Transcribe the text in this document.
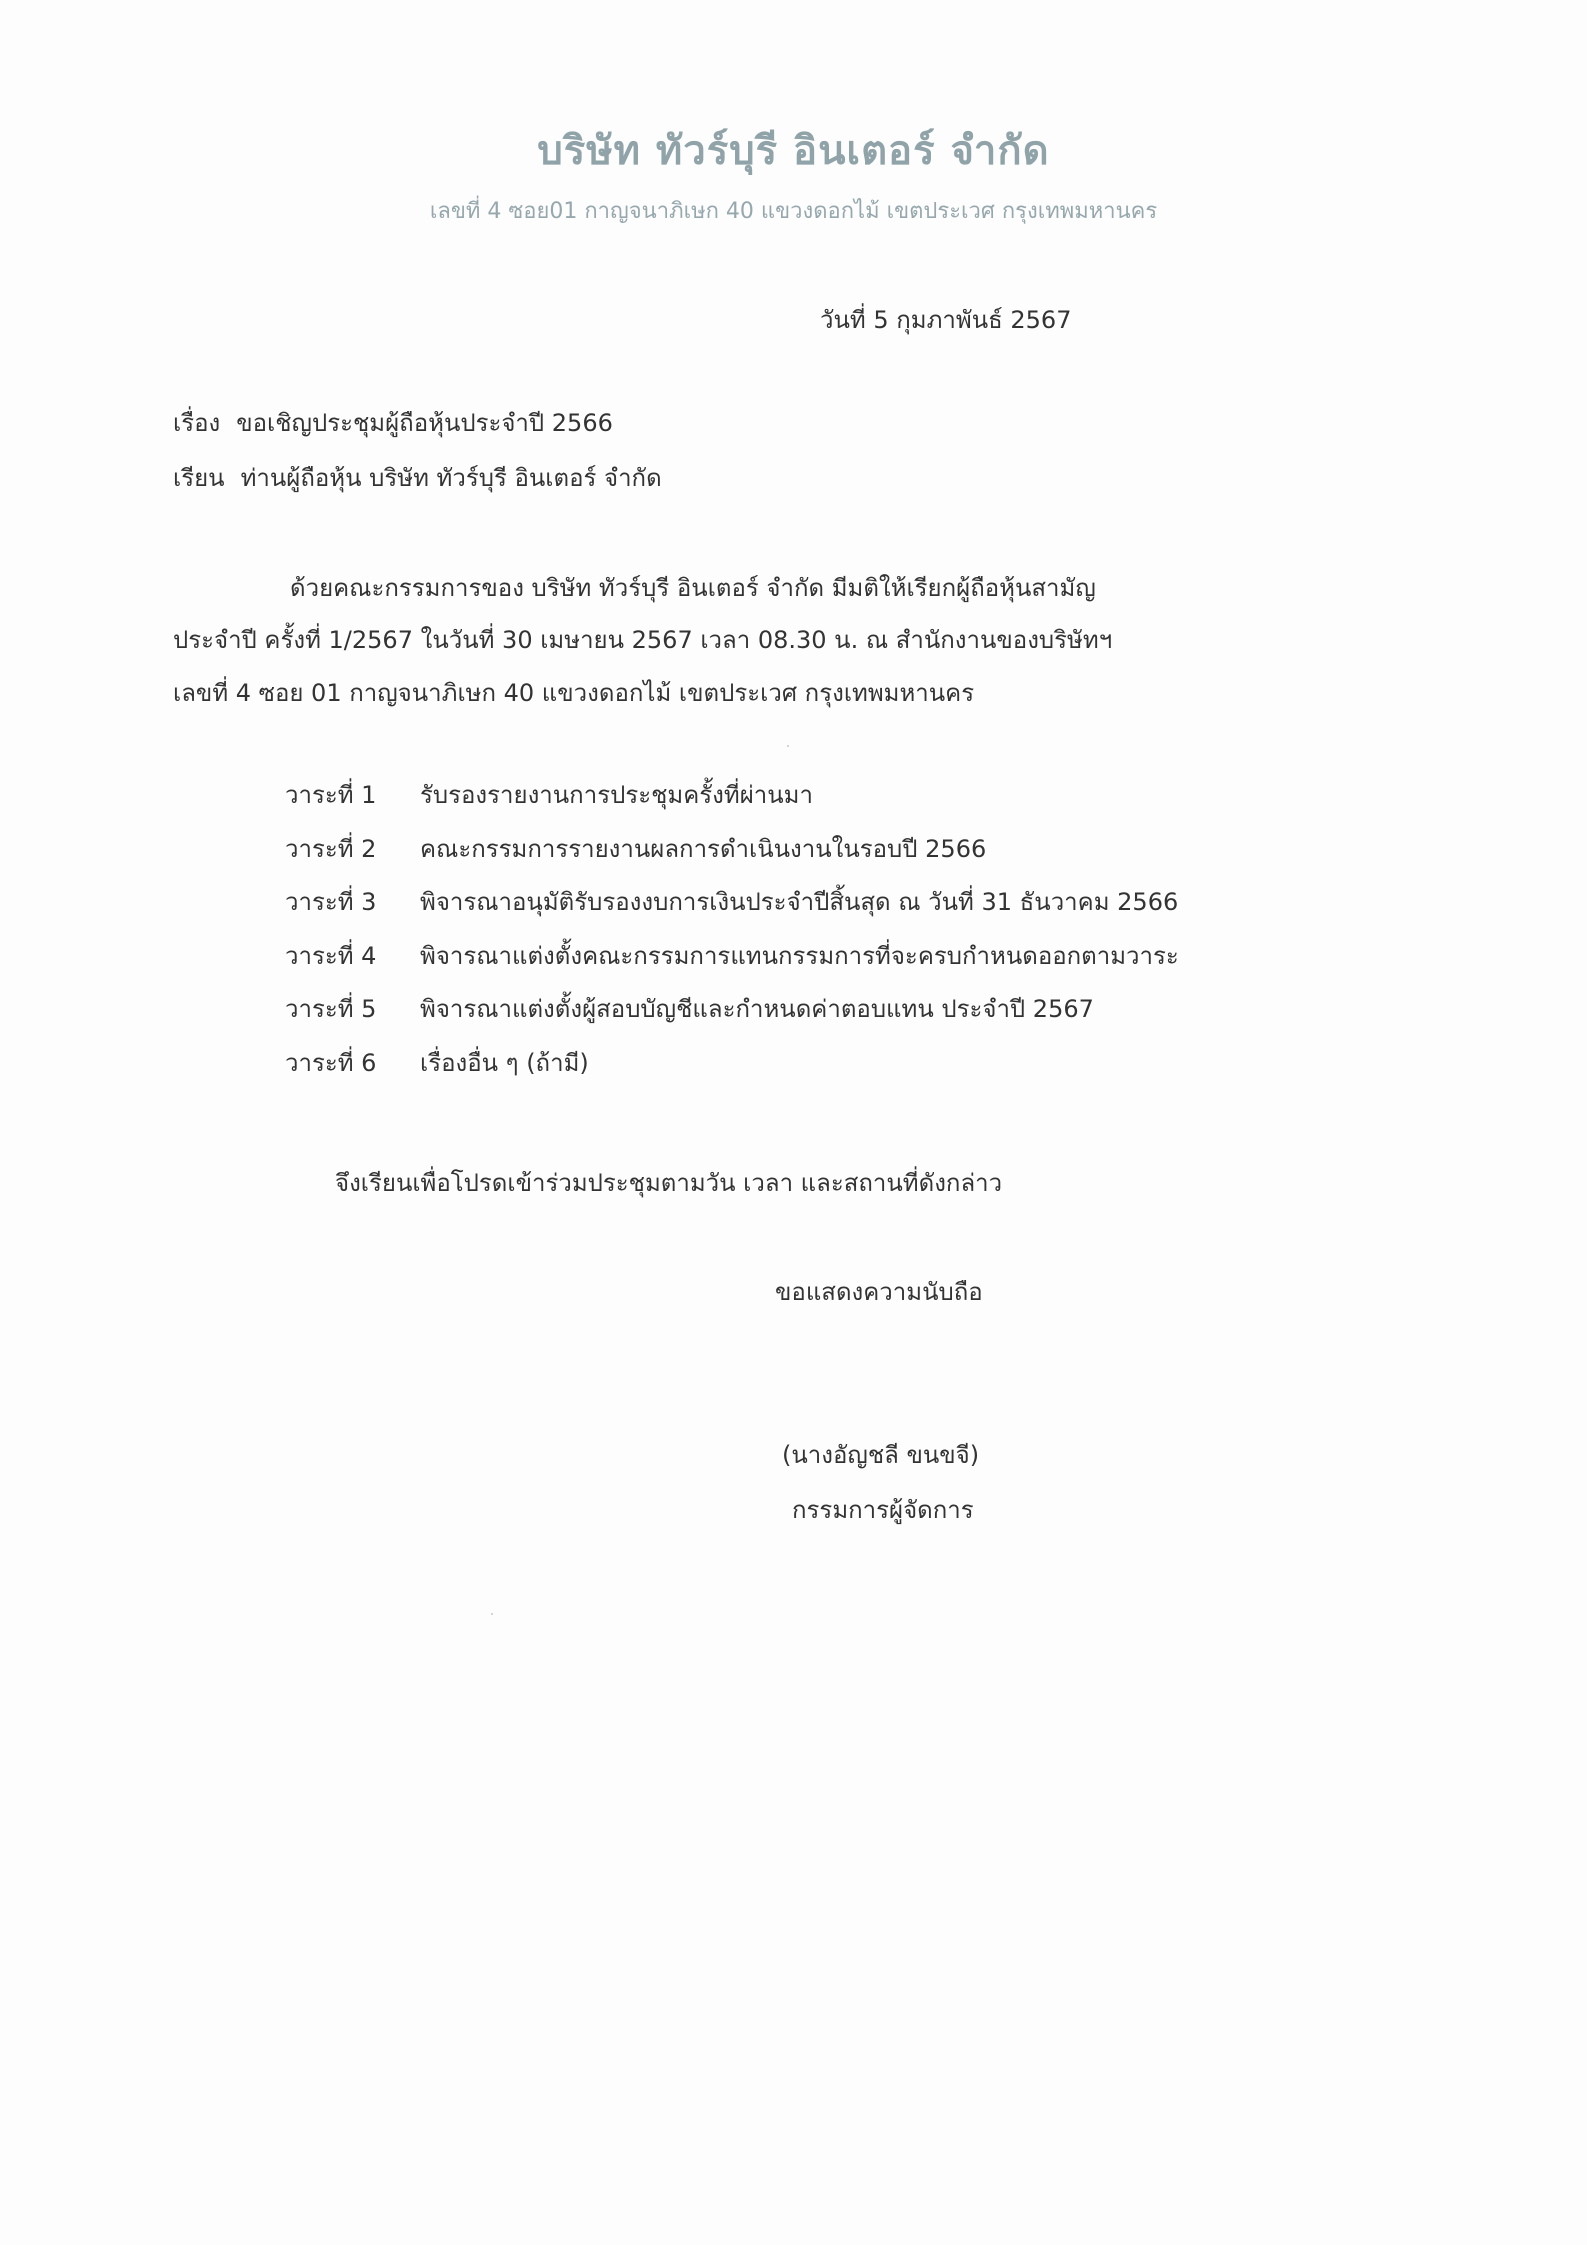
บริษัท ทัวร์บุรี อินเตอร์ จำกัด
เลขที่ 4 ซอย01 กาญจนาภิเษก 40 แขวงดอกไม้ เขตประเวศ กรุงเทพมหานคร
วันที่ 5 กุมภาพันธ์ 2567
เรื่อง ขอเชิญประชุมผู้ถือหุ้นประจำปี 2566
เรียน ท่านผู้ถือหุ้น บริษัท ทัวร์บุรี อินเตอร์ จำกัด
ด้วยคณะกรรมการของ บริษัท ทัวร์บุรี อินเตอร์ จำกัด มีมติให้เรียกผู้ถือหุ้นสามัญ
ประจำปี ครั้งที่ 1/2567 ในวันที่ 30 เมษายน 2567 เวลา 08.30 น. ณ สำนักงานของบริษัทฯ
เลขที่ 4 ซอย 01 กาญจนาภิเษก 40 แขวงดอกไม้ เขตประเวศ กรุงเทพมหานคร
วาระที่ 1 รับรองรายงานการประชุมครั้งที่ผ่านมา
วาระที่ 2 คณะกรรมการรายงานผลการดำเนินงานในรอบปี 2566
วาระที่ 3 พิจารณาอนุมัติรับรองงบการเงินประจำปีสิ้นสุด ณ วันที่ 31 ธันวาคม 2566
วาระที่ 4 พิจารณาแต่งตั้งคณะกรรมการแทนกรรมการที่จะครบกำหนดออกตามวาระ
วาระที่ 5 พิจารณาแต่งตั้งผู้สอบบัญชีและกำหนดค่าตอบแทน ประจำปี 2567
วาระที่ 6 เรื่องอื่น ๆ (ถ้ามี)
จึงเรียนเพื่อโปรดเข้าร่วมประชุมตามวัน เวลา และสถานที่ดังกล่าว
ขอแสดงความนับถือ
(นางอัญชลี ขนขจี)
กรรมการผู้จัดการ
